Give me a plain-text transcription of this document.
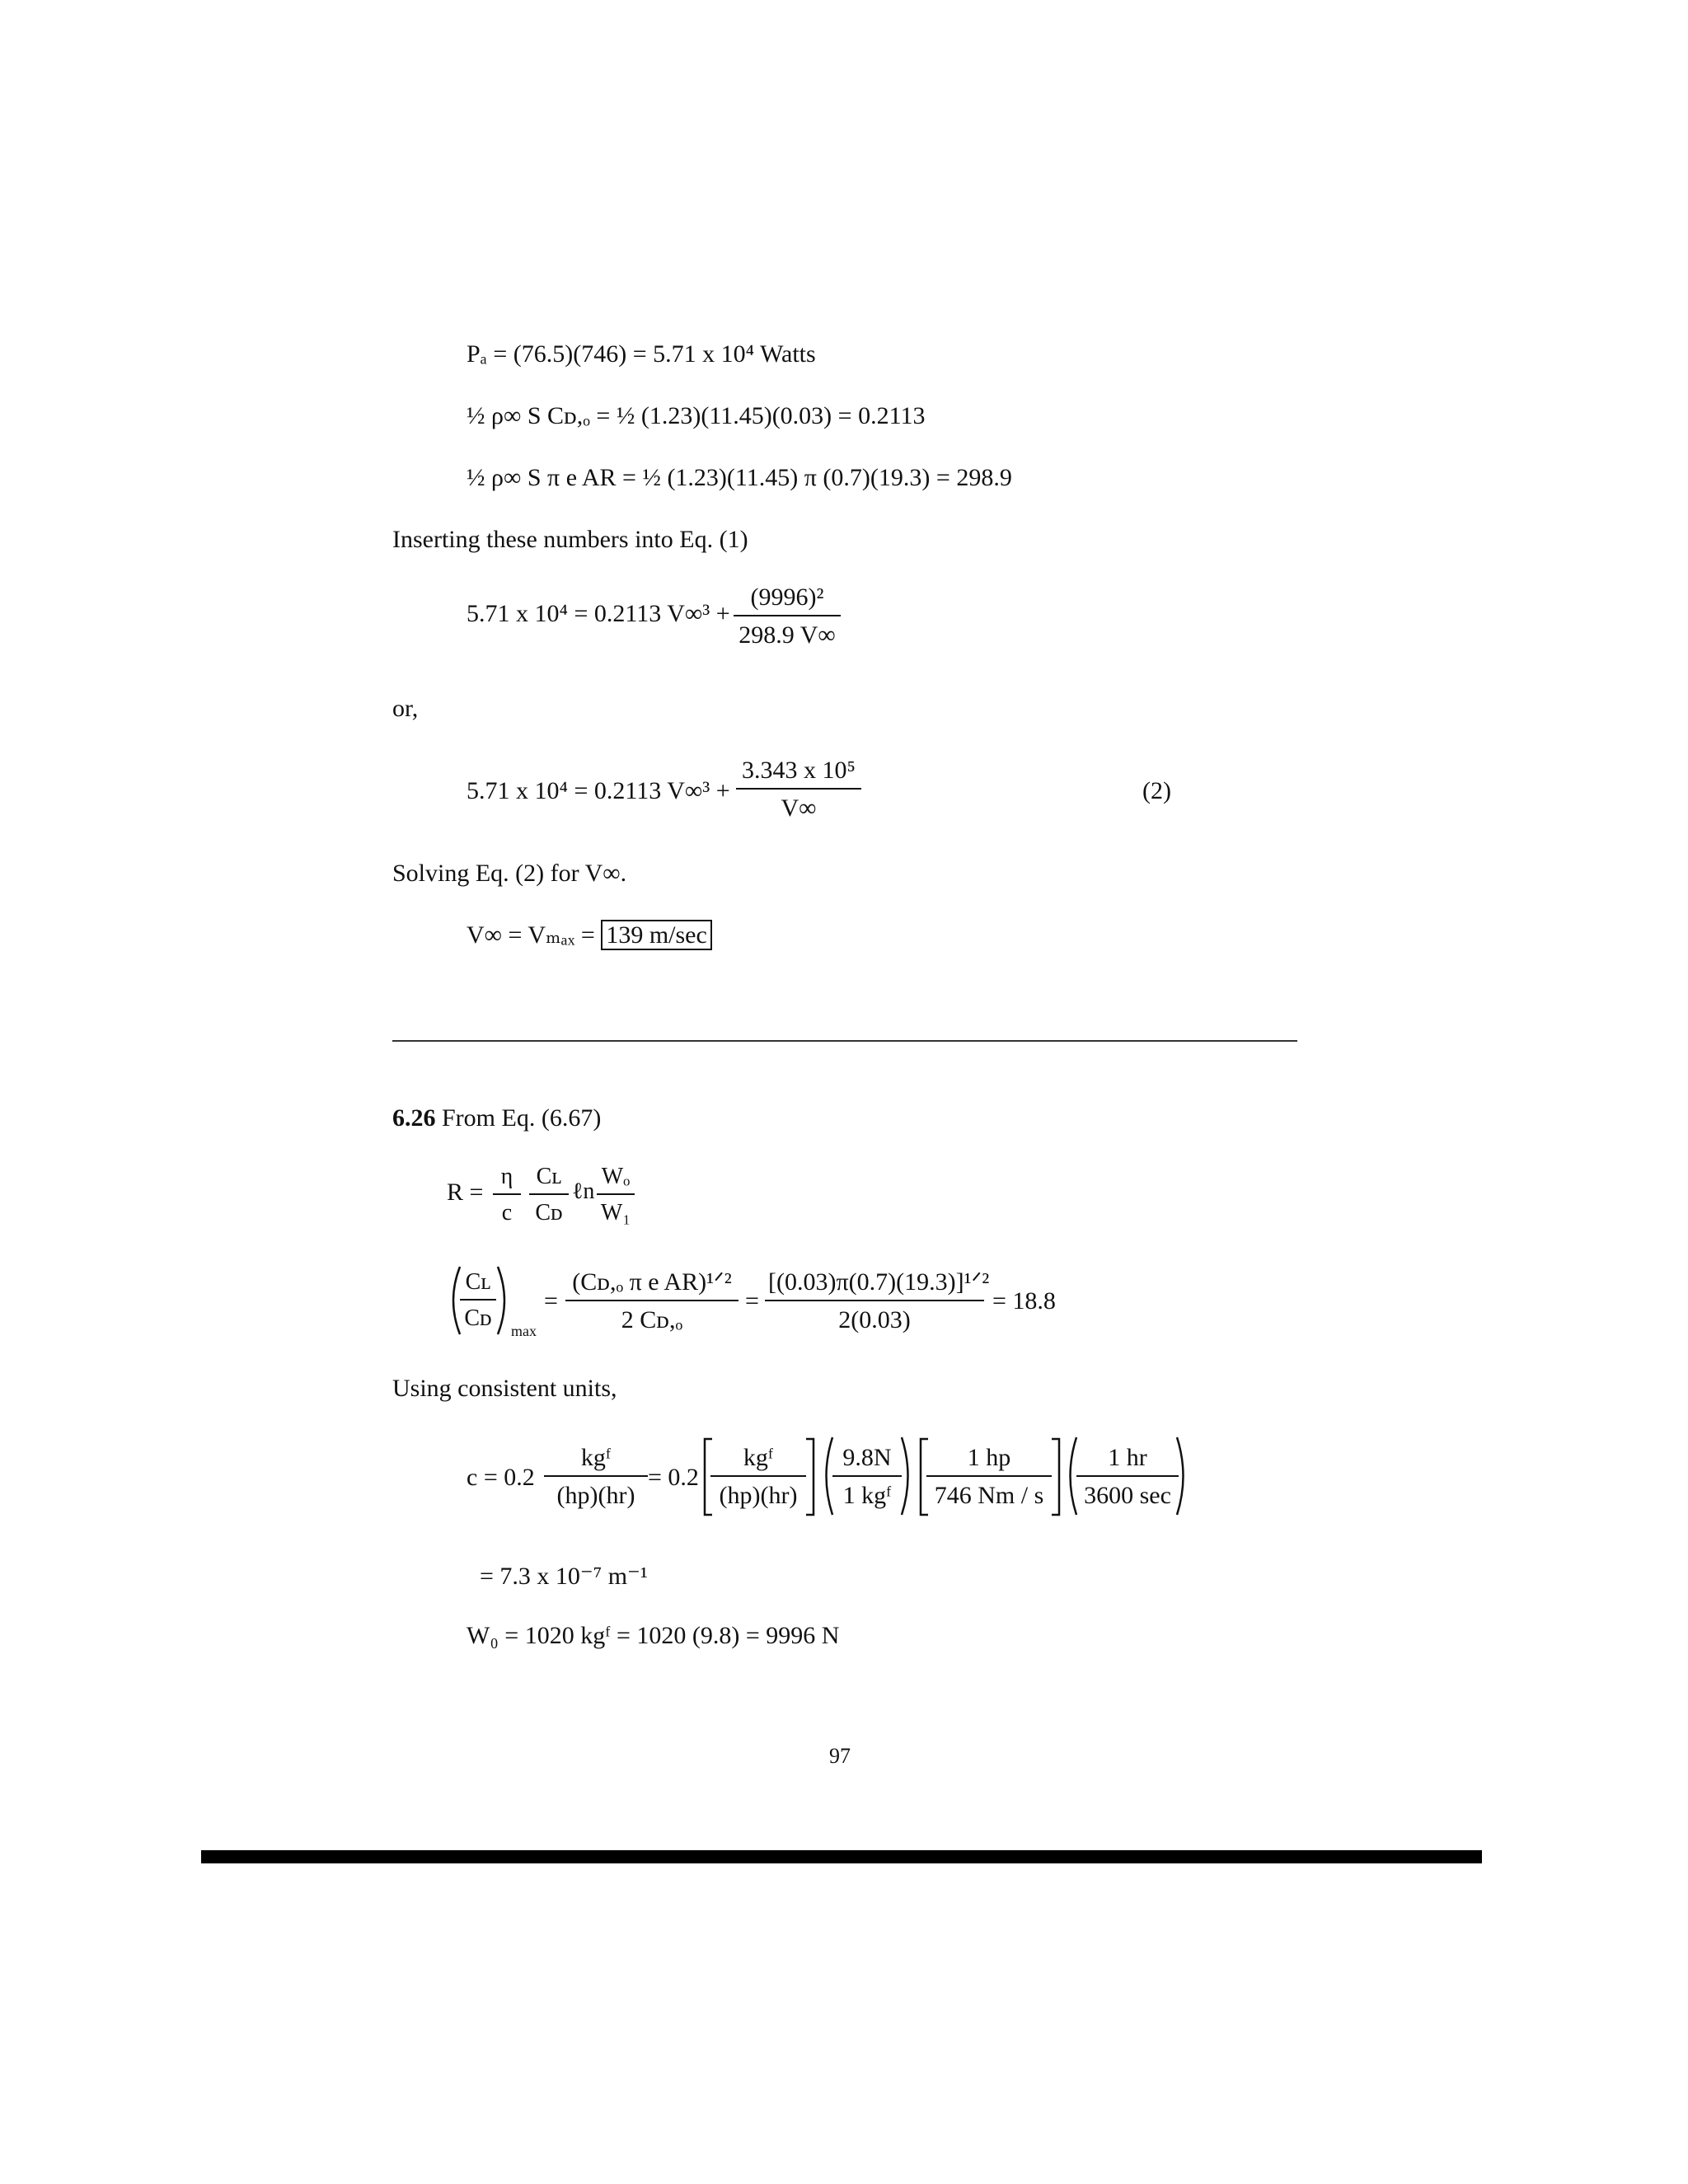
Pₐ = (76.5)(746) = 5.71 x 10⁴ Watts
½ ρ∞ S Cᴅ,ₒ = ½ (1.23)(11.45)(0.03) = 0.2113
½ ρ∞ S π e AR = ½ (1.23)(11.45) π (0.7)(19.3) = 298.9
Inserting these numbers into Eq. (1)
5.71 x 10⁴ = 0.2113 V∞³ +
(9996)²
298.9 V∞
or,
5.71 x 10⁴ = 0.2113 V∞³ +
3.343 x 10⁵
V∞
(2)
Solving Eq. (2) for V∞.
V∞ = Vₘₐₓ = 139 m/sec
6.26 From Eq. (6.67)
R =
η
c
Cʟ
Cᴅ
ℓn
Wₒ
W₁
Cʟ
Cᴅ max
=
(Cᴅ,ₒ π e AR)¹ᐟ²
2 Cᴅ,ₒ
=
[(0.03)π(0.7)(19.3)]¹ᐟ²
2(0.03)
= 18.8
Using consistent units,
c = 0.2
kgᶠ
(hp)(hr)
= 0.2
kgᶠ
(hp)(hr)
9.8N
1 kgᶠ
1 hp
746 Nm / s
1 hr
3600 sec
= 7.3 x 10⁻⁷ m⁻¹
W₀ = 1020 kgᶠ = 1020 (9.8) = 9996 N
97
